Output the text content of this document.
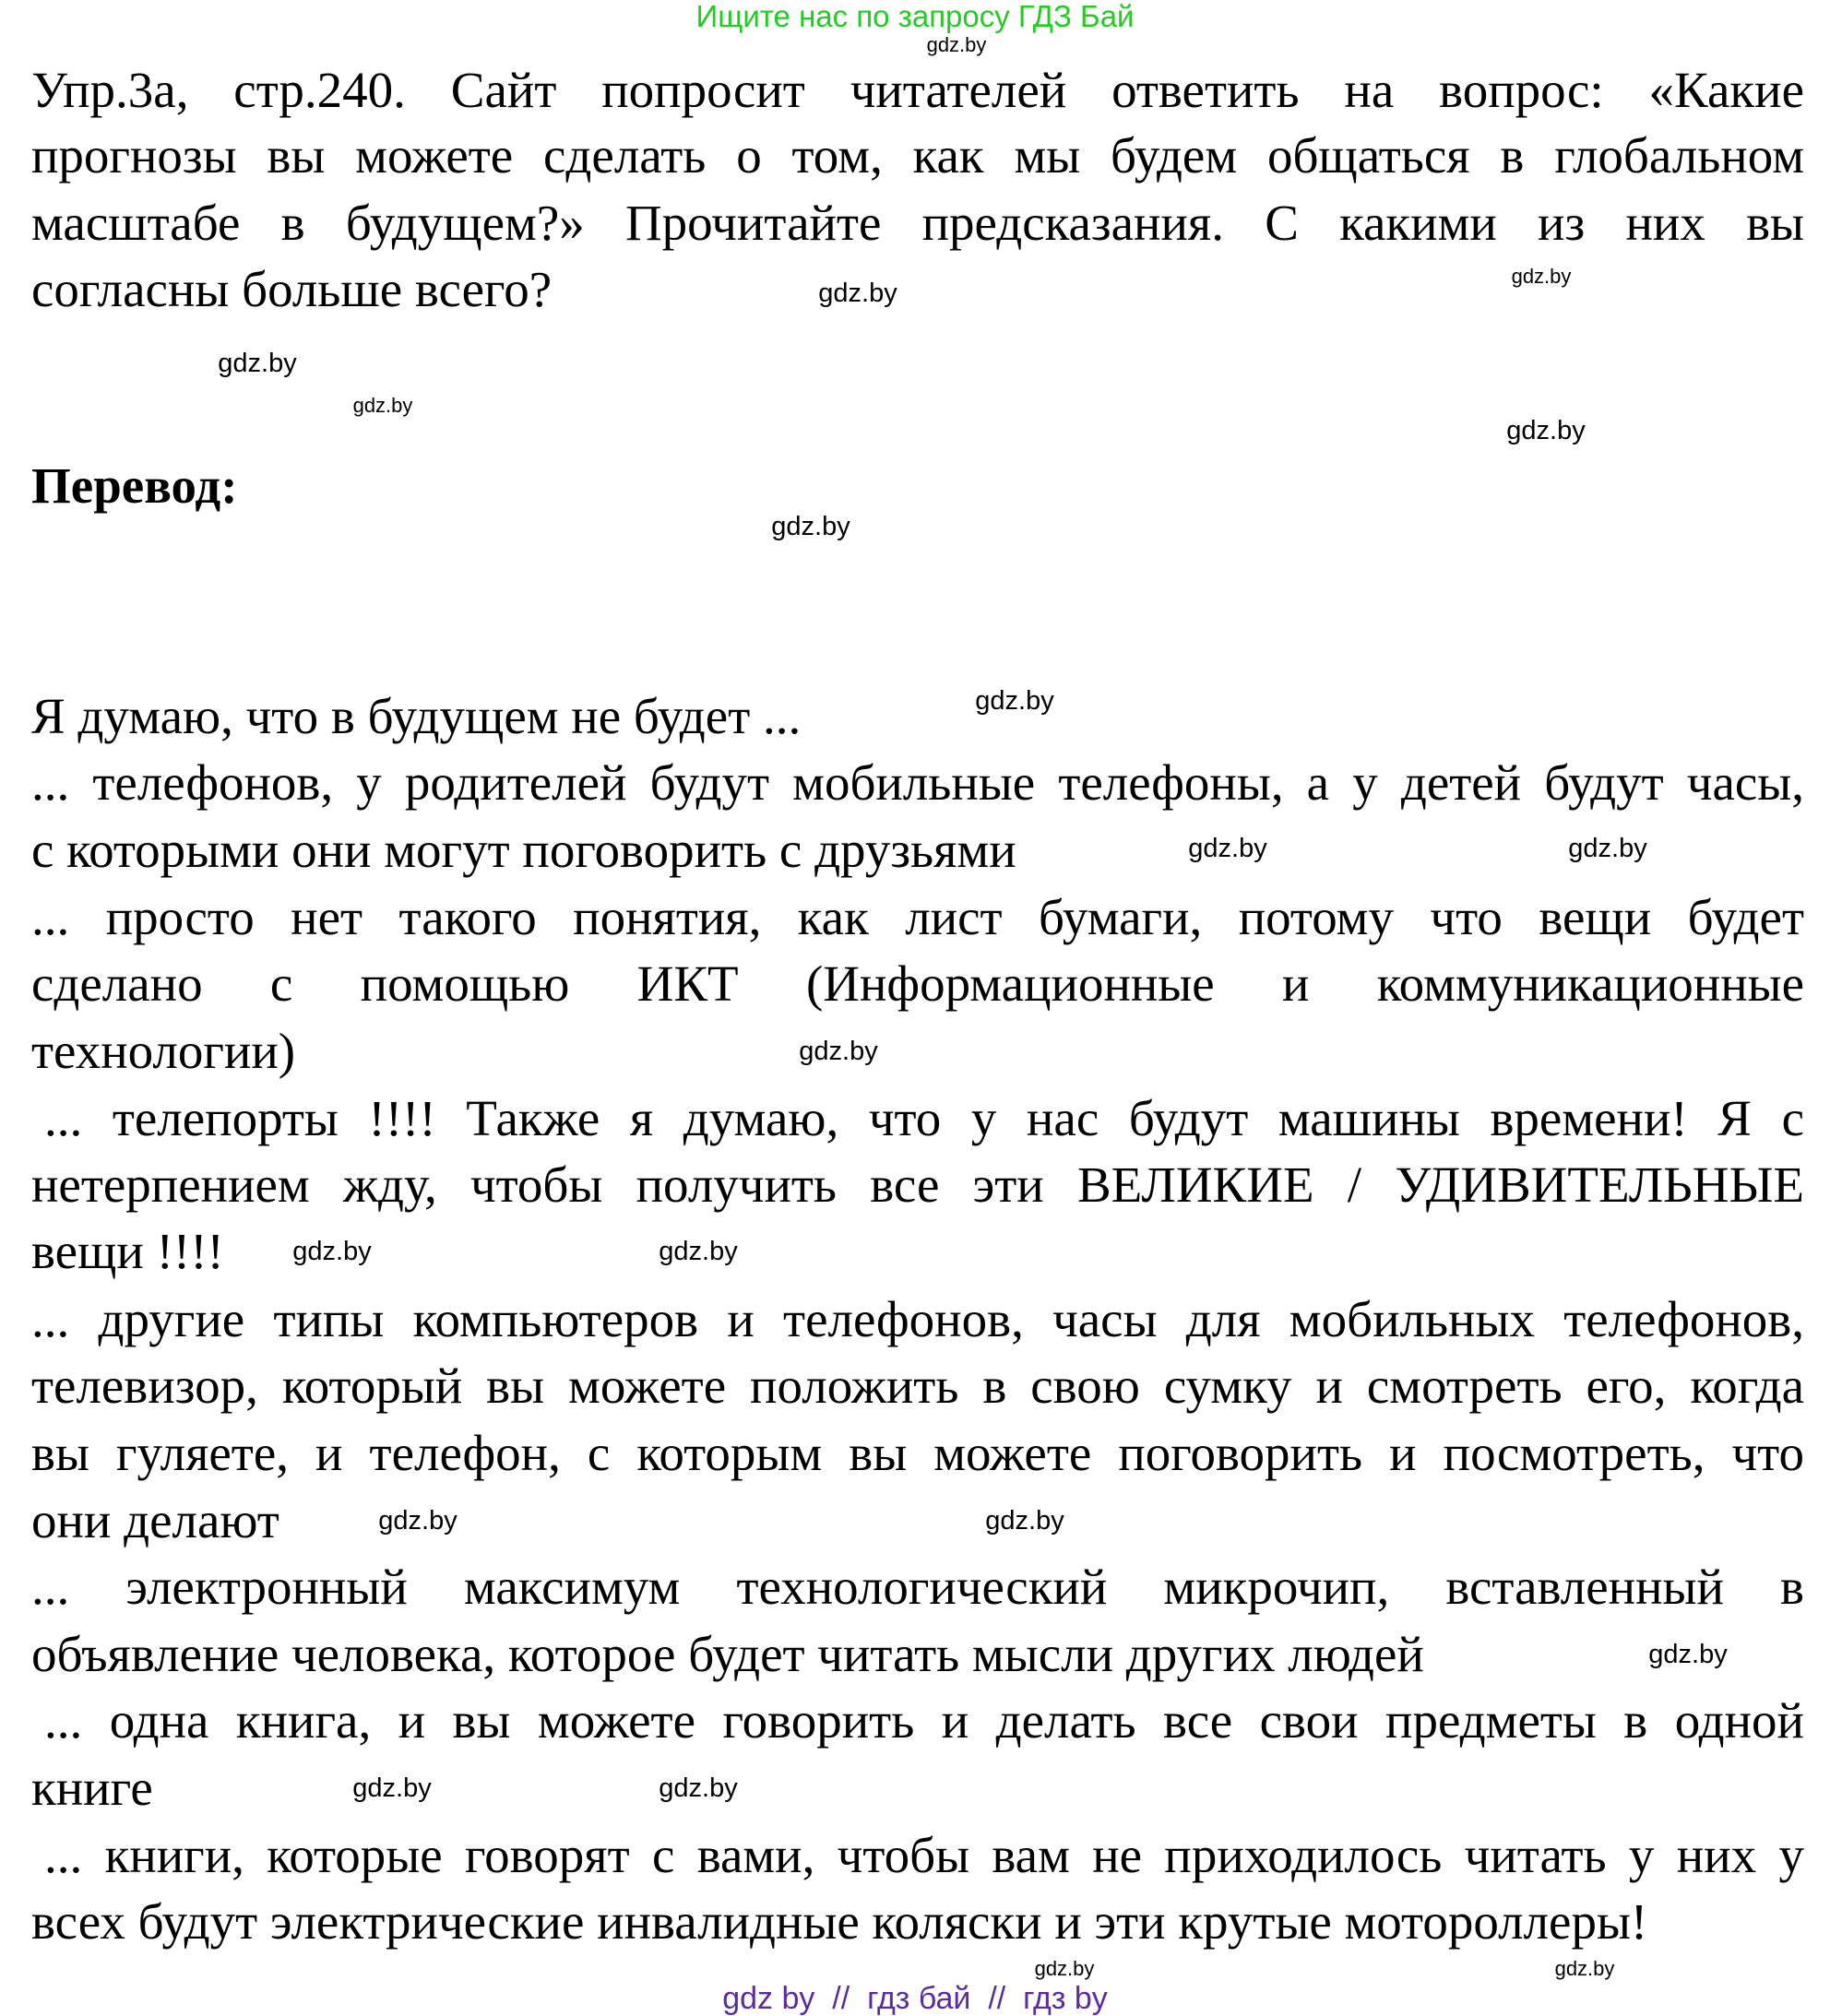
Ищите нас по запросу ГДЗ Бай
Упр.3а, стр.240. Сайт попросит читателей ответить на вопрос: «Какие
прогнозы вы можете сделать о том, как мы будем общаться в глобальном
масштабе в будущем?» Прочитайте предсказания. С какими из них вы
согласны больше всего?
Перевод:
Я думаю, что в будущем не будет ...
... телефонов, у родителей будут мобильные телефоны, а у детей будут часы,
с которыми они могут поговорить с друзьями
... просто нет такого понятия, как лист бумаги, потому что вещи будет
сделано с помощью ИКТ (Информационные и коммуникационные
технологии)
... телепорты !!!! Также я думаю, что у нас будут машины времени! Я с
нетерпением жду, чтобы получить все эти ВЕЛИКИЕ / УДИВИТЕЛЬНЫЕ
вещи !!!!
... другие типы компьютеров и телефонов, часы для мобильных телефонов,
телевизор, который вы можете положить в свою сумку и смотреть его, когда
вы гуляете, и телефон, с которым вы можете поговорить и посмотреть, что
они делают
... электронный максимум технологический микрочип, вставленный в
объявление человека, которое будет читать мысли других людей
... одна книга, и вы можете говорить и делать все свои предметы в одной
книге
... книги, которые говорят с вами, чтобы вам не приходилось читать у них у
всех будут электрические инвалидные коляски и эти крутые мотороллеры!
gdz.by
gdz.by
gdz.by
gdz.by
gdz.by
gdz.by
gdz.by
gdz.by
gdz.by
gdz.by
gdz.by
gdz.by	gdz.by
gdz.by	gdz.by
gdz.by
gdz.by
gdz.by
gdz.by
gdz.by
gdz by  //  гдз бай  //  гдз by
